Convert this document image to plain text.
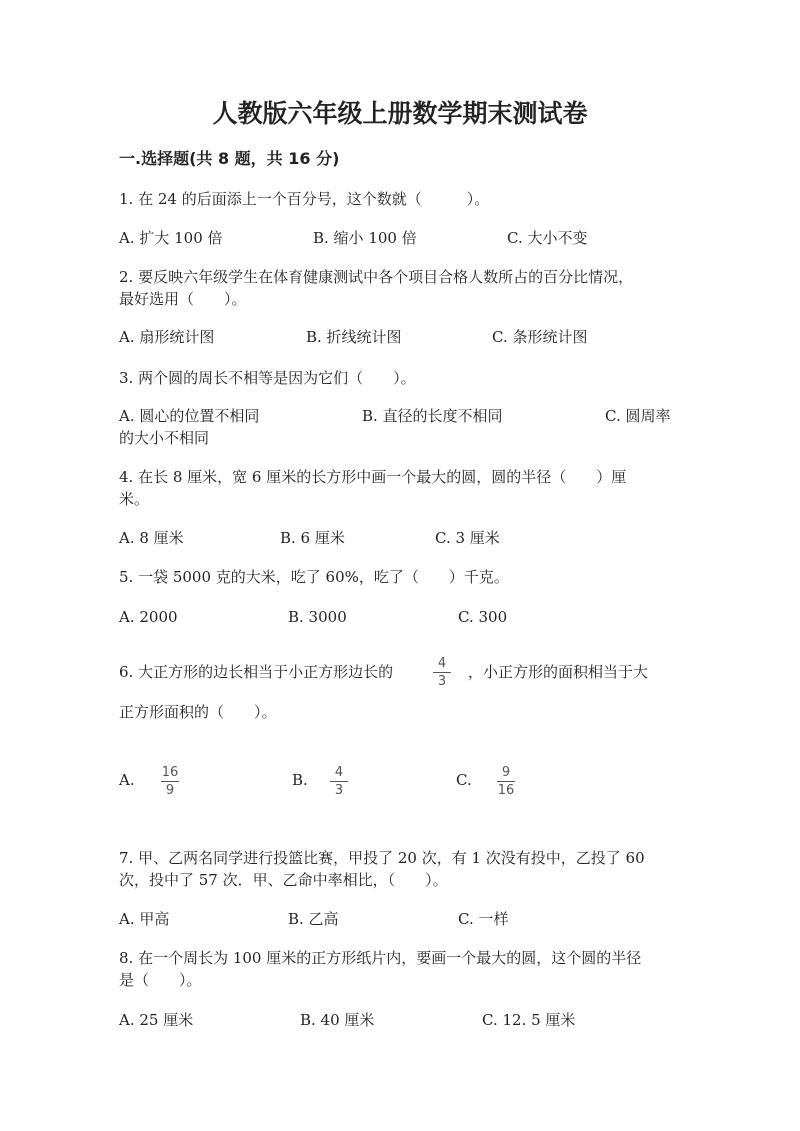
人教版六年级上册数学期末测试卷
一.选择题(共 8 题，共 16 分)
1. 在 24 的后面添上一个百分号，这个数就（　　　）。
A. 扩大 100 倍	B. 缩小 100 倍	C. 大小不变
2. 要反映六年级学生在体育健康测试中各个项目合格人数所占的百分比情况，
最好选用（　　）。
A. 扇形统计图	B. 折线统计图	C. 条形统计图
3. 两个圆的周长不相等是因为它们（　　）。
A. 圆心的位置不相同	B. 直径的长度不相同	C. 圆周率
的大小不相同
4. 在长 8 厘米，宽 6 厘米的长方形中画一个最大的圆，圆的半径（　　）厘
米。
A. 8 厘米	B. 6 厘米	C. 3 厘米
5. 一袋 5000 克的大米，吃了 60%，吃了（　　）千克。
A. 2000	B. 3000	C. 300
6. 大正方形的边长相当于小正方形边长的	4
3
，小正方形的面积相当于大
正方形面积的（　　）。
A. 16
9
B.	4
3
C.	9
16
7. 甲、乙两名同学进行投篮比赛，甲投了 20 次，有 1 次没有投中，乙投了 60
次，投中了 57 次．甲、乙命中率相比，（　　）。
A. 甲高	B. 乙高	C. 一样
8. 在一个周长为 100 厘米的正方形纸片内，要画一个最大的圆，这个圆的半径
是（　　）。
A. 25 厘米	B. 40 厘米	C. 12. 5 厘米
